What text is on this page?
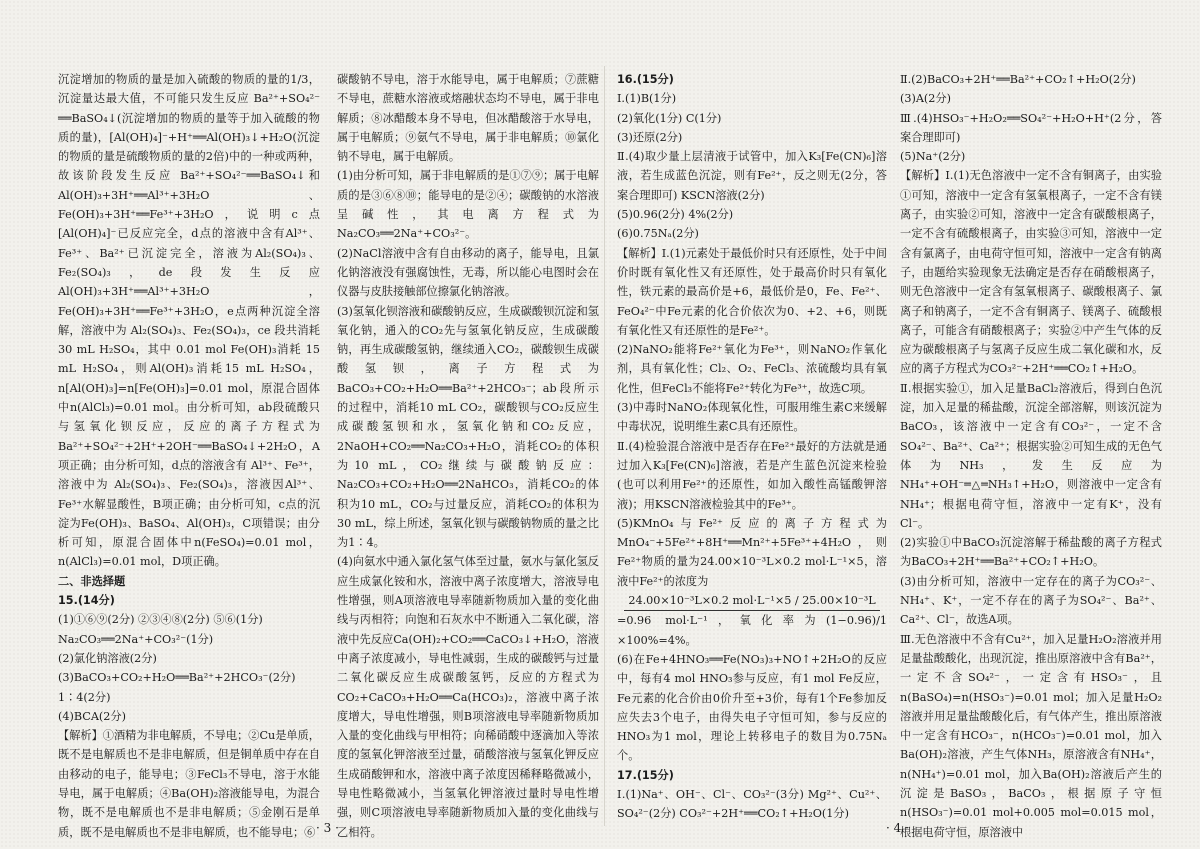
沉淀增加的物质的量是加入硫酸的物质的量的1/3，沉淀量达最大值，不可能只发生反应 Ba²⁺+SO₄²⁻ ══BaSO₄↓(沉淀增加的物质的量等于加入硫酸的物质的量)，[Al(OH)₄]⁻+H⁺══Al(OH)₃↓+H₂O(沉淀的物质的量是硫酸物质的量的2倍)中的一种或两种，故该阶段发生反应 Ba²⁺+SO₄²⁻══BaSO₄↓和 Al(OH)₃+3H⁺══Al³⁺+3H₂O、Fe(OH)₃+3H⁺══Fe³⁺+3H₂O，说明c点[Al(OH)₄]⁻已反应完全，d点的溶液中含有Al³⁺、Fe³⁺、Ba²⁺已沉淀完全，溶液为Al₂(SO₄)₃、Fe₂(SO₄)₃，de段发生反应 Al(OH)₃+3H⁺══Al³⁺+3H₂O，Fe(OH)₃+3H⁺══Fe³⁺+3H₂O，e点两种沉淀全溶解，溶液中为 Al₂(SO₄)₃、Fe₂(SO₄)₃，ce 段共消耗 30 mL H₂SO₄，其中 0.01 mol Fe(OH)₃消耗 15 mL H₂SO₄，则Al(OH)₃消耗15 mL H₂SO₄，n[Al(OH)₃]=n[Fe(OH)₃]=0.01 mol，原混合固体中n(AlCl₃)=0.01 mol。由分析可知，ab段硫酸只与氢氧化钡反应，反应的离子方程式为 Ba²⁺+SO₄²⁻+2H⁺+2OH⁻══BaSO₄↓+2H₂O，A项正确；由分析可知，d点的溶液含有 Al³⁺、Fe³⁺，溶液中为 Al₂(SO₄)₃、Fe₂(SO₄)₃，溶液因Al³⁺、Fe³⁺水解显酸性，B项正确；由分析可知，c点的沉淀为Fe(OH)₃、BaSO₄、Al(OH)₃，C项错误；由分析可知，原混合固体中n(FeSO₄)=0.01 mol，n(AlCl₃)=0.01 mol，D项正确。

二、非选择题

15.(14分)

(1)①⑥⑨(2分) ②③④⑧(2分) ⑤⑥(1分)

Na₂CO₃══2Na⁺+CO₃²⁻(1分)

(2)氯化钠溶液(2分)

(3)BaCO₃+CO₂+H₂O══Ba²⁺+2HCO₃⁻(2分)

1∶4(2分)

(4)BCA(2分)

【解析】①酒精为非电解质，不导电；②Cu是单质，既不是电解质也不是非电解质，但是铜单质中存在自由移动的电子，能导电；③FeCl₃不导电，溶于水能导电，属于电解质；④Ba(OH)₂溶液能导电，为混合物，既不是电解质也不是非电解质；⑤金刚石是单质，既不是电解质也不是非电解质，也不能导电；⑥

碳酸钠不导电，溶于水能导电，属于电解质；⑦蔗糖不导电，蔗糖水溶液或熔融状态均不导电，属于非电解质；⑧冰醋酸本身不导电，但冰醋酸溶于水导电，属于电解质；⑨氨气不导电，属于非电解质；⑩氯化钠不导电，属于电解质。

(1)由分析可知，属于非电解质的是①⑦⑨；属于电解质的是③⑥⑧⑩；能导电的是②④；碳酸钠的水溶液呈碱性，其电离方程式为 Na₂CO₃══2Na⁺+CO₃²⁻。

(2)NaCl溶液中含有自由移动的离子，能导电，且氯化钠溶液没有强腐蚀性，无毒，所以能心电图时会在仪器与皮肤接触部位擦氯化钠溶液。

(3)氢氧化钡溶液和碳酸钠反应，生成碳酸钡沉淀和氢氧化钠，通入的CO₂先与氢氧化钠反应，生成碳酸钠，再生成碳酸氢钠，继续通入CO₂，碳酸钡生成碳酸氢钡，离子方程式为 BaCO₃+CO₂+H₂O══Ba²⁺+2HCO₃⁻；ab段所示的过程中，消耗10 mL CO₂，碳酸钡与CO₂反应生成碳酸氢钡和水，氢氧化钠和CO₂反应，2NaOH+CO₂══Na₂CO₃+H₂O，消耗CO₂的体积为10 mL，CO₂继续与碳酸钠反应：Na₂CO₃+CO₂+H₂O══2NaHCO₃，消耗CO₂的体积为10 mL，CO₂与过量反应，消耗CO₂的体积为30 mL，综上所述，氢氧化钡与碳酸钠物质的量之比为1∶4。

(4)向氨水中通入氯化氢气体至过量，氨水与氯化氢反应生成氯化铵和水，溶液中离子浓度增大，溶液导电性增强，则A项溶液电导率随新物质加入量的变化曲线与丙相符；向饱和石灰水中不断通入二氧化碳，溶液中先反应Ca(OH)₂+CO₂══CaCO₃↓+H₂O，溶液中离子浓度减小，导电性减弱，生成的碳酸钙与过量二氧化碳反应生成碳酸氢钙，反应的方程式为 CO₂+CaCO₃+H₂O══Ca(HCO₃)₂，溶液中离子浓度增大，导电性增强，则B项溶液电导率随新物质加入量的变化曲线与甲相符；向稀硝酸中逐滴加入等浓度的氢氧化钾溶液至过量，硝酸溶液与氢氧化钾反应生成硝酸钾和水，溶液中离子浓度因稀释略微减小，导电性略微减小，当氢氧化钾溶液过量时导电性增强，则C项溶液电导率随新物质加入量的变化曲线与乙相符。

16.(15分)

Ⅰ.(1)B(1分)

(2)氧化(1分) C(1分)

(3)还原(2分)

Ⅱ.(4)取少量上层清液于试管中，加入K₃[Fe(CN)₆]溶液，若生成蓝色沉淀，则有Fe²⁺，反之则无(2分，答案合理即可) KSCN溶液(2分)

(5)0.96(2分) 4%(2分)

(6)0.75Nₐ(2分)

【解析】Ⅰ.(1)元素处于最低价时只有还原性，处于中间价时既有氧化性又有还原性，处于最高价时只有氧化性，铁元素的最高价是+6，最低价是0，Fe、Fe²⁺、FeO₄²⁻中Fe元素的化合价依次为0、+2、+6，则既有氧化性又有还原性的是Fe²⁺。

(2)NaNO₂能将Fe²⁺氧化为Fe³⁺，则NaNO₂作氧化剂，具有氧化性；Cl₂、O₂、FeCl₃、浓硫酸均具有氧化性，但FeCl₃不能将Fe²⁺转化为Fe³⁺，故选C项。

(3)中毒时NaNO₂体现氧化性，可服用维生素C来缓解中毒状况，说明维生素C具有还原性。

Ⅱ.(4)检验混合溶液中是否存在Fe²⁺最好的方法就是通过加入K₃[Fe(CN)₆]溶液，若是产生蓝色沉淀来检验(也可以利用Fe²⁺的还原性，如加入酸性高锰酸钾溶液)；用KSCN溶液检验其中的Fe³⁺。

(5)KMnO₄与Fe²⁺反应的离子方程式为MnO₄⁻+5Fe²⁺+8H⁺══Mn²⁺+5Fe³⁺+4H₂O，则Fe²⁺物质的量为24.00×10⁻³L×0.2 mol·L⁻¹×5，溶液中Fe²⁺的浓度为

24.00×10⁻³L×0.2 mol·L⁻¹×5 / 25.00×10⁻³L

=0.96 mol·L⁻¹，氧化率为(1−0.96)/1 ×100%=4%。

(6)在Fe+4HNO₃══Fe(NO₃)₃+NO↑+2H₂O的反应中，每有4 mol HNO₃参与反应，有1 mol Fe反应，Fe元素的化合价由0价升至+3价，每有1个Fe参加反应失去3个电子，由得失电子守恒可知，参与反应的HNO₃为1 mol，理论上转移电子的数目为0.75Nₐ个。

17.(15分)

Ⅰ.(1)Na⁺、OH⁻、Cl⁻、CO₃²⁻(3分) Mg²⁺、Cu²⁺、SO₄²⁻(2分) CO₃²⁻+2H⁺══CO₂↑+H₂O(1分)

Ⅱ.(2)BaCO₃+2H⁺══Ba²⁺+CO₂↑+H₂O(2分)

(3)A(2分)

Ⅲ.(4)HSO₃⁻+H₂O₂══SO₄²⁻+H₂O+H⁺(2分，答案合理即可)

(5)Na⁺(2分)

【解析】Ⅰ.(1)无色溶液中一定不含有铜离子，由实验①可知，溶液中一定含有氢氧根离子，一定不含有镁离子，由实验②可知，溶液中一定含有碳酸根离子，一定不含有硫酸根离子，由实验③可知，溶液中一定含有氯离子，由电荷守恒可知，溶液中一定含有钠离子，由题给实验现象无法确定是否存在硝酸根离子，则无色溶液中一定含有氢氧根离子、碳酸根离子、氯离子和钠离子，一定不含有铜离子、镁离子、硫酸根离子，可能含有硝酸根离子；实验②中产生气体的反应为碳酸根离子与氢离子反应生成二氧化碳和水，反应的离子方程式为CO₃²⁻+2H⁺══CO₂↑+H₂O。

Ⅱ.根据实验①，加入足量BaCl₂溶液后，得到白色沉淀，加入足量的稀盐酸，沉淀全部溶解，则该沉淀为BaCO₃，该溶液中一定含有CO₃²⁻，一定不含SO₄²⁻、Ba²⁺、Ca²⁺；根据实验②可知生成的无色气体为NH₃，发生反应为NH₄⁺+OH⁻═△═NH₃↑+H₂O，则溶液中一定含有NH₄⁺；根据电荷守恒，溶液中一定有K⁺，没有Cl⁻。

(2)实验①中BaCO₃沉淀溶解于稀盐酸的离子方程式为BaCO₃+2H⁺══Ba²⁺+CO₂↑+H₂O。

(3)由分析可知，溶液中一定存在的离子为CO₃²⁻、NH₄⁺、K⁺，一定不存在的离子为SO₄²⁻、Ba²⁺、Ca²⁺、Cl⁻，故选A项。

Ⅲ.无色溶液中不含有Cu²⁺，加入足量H₂O₂溶液并用足量盐酸酸化，出现沉淀，推出原溶液中含有Ba²⁺，一定不含SO₄²⁻，一定含有HSO₃⁻，且n(BaSO₄)=n(HSO₃⁻)=0.01 mol；加入足量H₂O₂溶液并用足量盐酸酸化后，有气体产生，推出原溶液中一定含有HCO₃⁻，n(HCO₃⁻)=0.01 mol，加入Ba(OH)₂溶液，产生气体NH₃，原溶液含有NH₄⁺，n(NH₄⁺)=0.01 mol，加入Ba(OH)₂溶液后产生的沉淀是BaSO₃，BaCO₃，根据原子守恒 n(HSO₃⁻)=0.01 mol+0.005 mol=0.015 mol，根据电荷守恒，原溶液中

· 3 ·	· 4 ·
